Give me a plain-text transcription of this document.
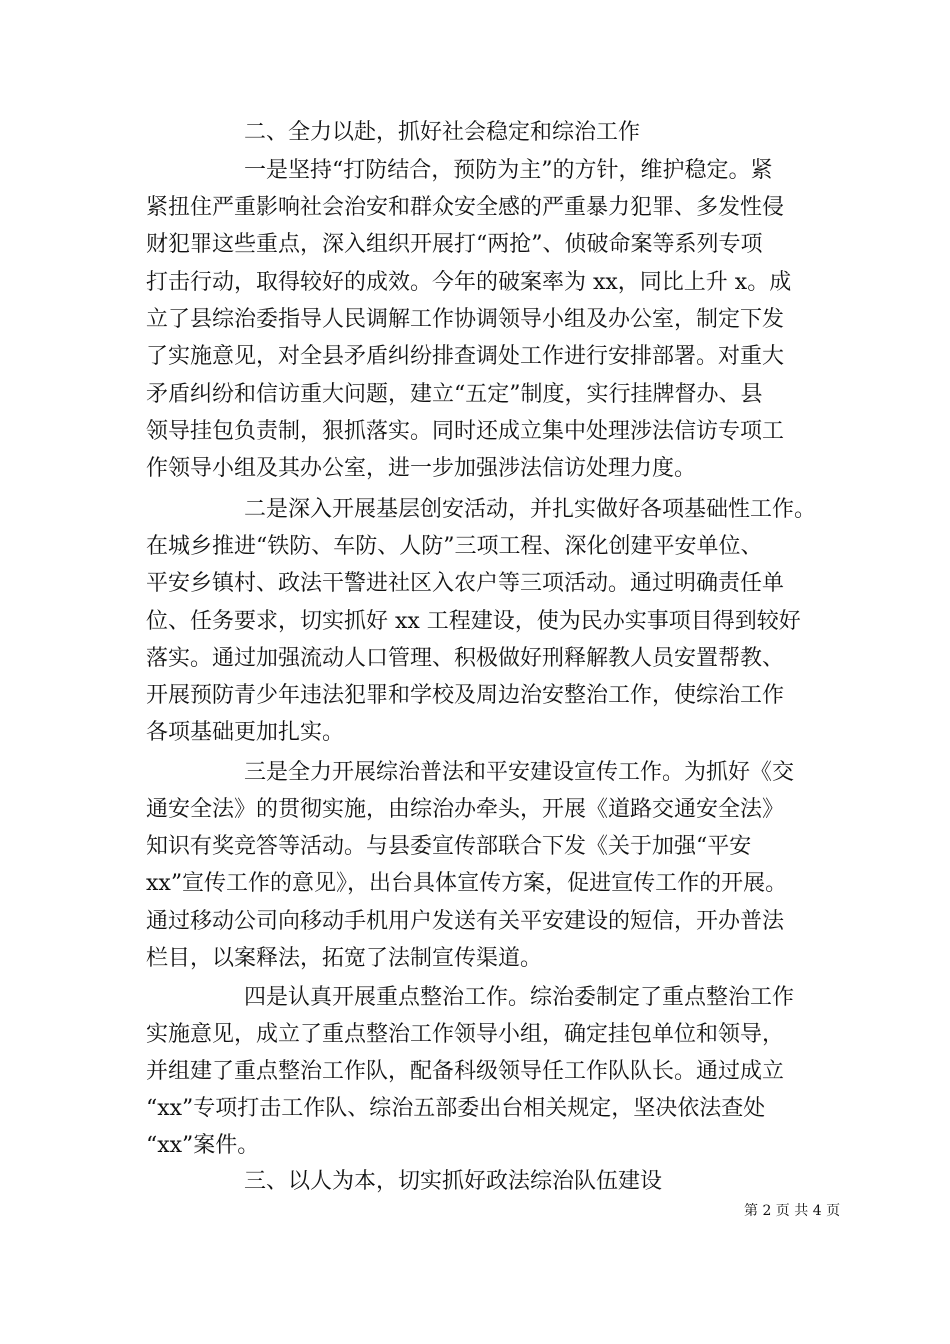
二、全力以赴，抓好社会稳定和综治工作

一是坚持“打防结合，预防为主”的方针，维护稳定。紧

紧扭住严重影响社会治安和群众安全感的严重暴力犯罪、多发性侵

财犯罪这些重点，深入组织开展打“两抢”、侦破命案等系列专项

打击行动，取得较好的成效。今年的破案率为 xx，同比上升 x。成

立了县综治委指导人民调解工作协调领导小组及办公室，制定下发

了实施意见，对全县矛盾纠纷排查调处工作进行安排部署。对重大

矛盾纠纷和信访重大问题，建立“五定”制度，实行挂牌督办、县

领导挂包负责制，狠抓落实。同时还成立集中处理涉法信访专项工

作领导小组及其办公室，进一步加强涉法信访处理力度。

二是深入开展基层创安活动，并扎实做好各项基础性工作。

在城乡推进“铁防、车防、人防”三项工程、深化创建平安单位、

平安乡镇村、政法干警进社区入农户等三项活动。通过明确责任单

位、任务要求，切实抓好 xx 工程建设，使为民办实事项目得到较好

落实。通过加强流动人口管理、积极做好刑释解教人员安置帮教、

开展预防青少年违法犯罪和学校及周边治安整治工作，使综治工作

各项基础更加扎实。

三是全力开展综治普法和平安建设宣传工作。为抓好《交

通安全法》的贯彻实施，由综治办牵头，开展《道路交通安全法》

知识有奖竞答等活动。与县委宣传部联合下发《关于加强“平安

xx”宣传工作的意见》，出台具体宣传方案，促进宣传工作的开展。

通过移动公司向移动手机用户发送有关平安建设的短信，开办普法

栏目，以案释法，拓宽了法制宣传渠道。

四是认真开展重点整治工作。综治委制定了重点整治工作

实施意见，成立了重点整治工作领导小组，确定挂包单位和领导，

并组建了重点整治工作队，配备科级领导任工作队队长。通过成立

“xx”专项打击工作队、综治五部委出台相关规定，坚决依法查处

“xx”案件。

三、以人为本，切实抓好政法综治队伍建设

第 2 页 共 4 页
